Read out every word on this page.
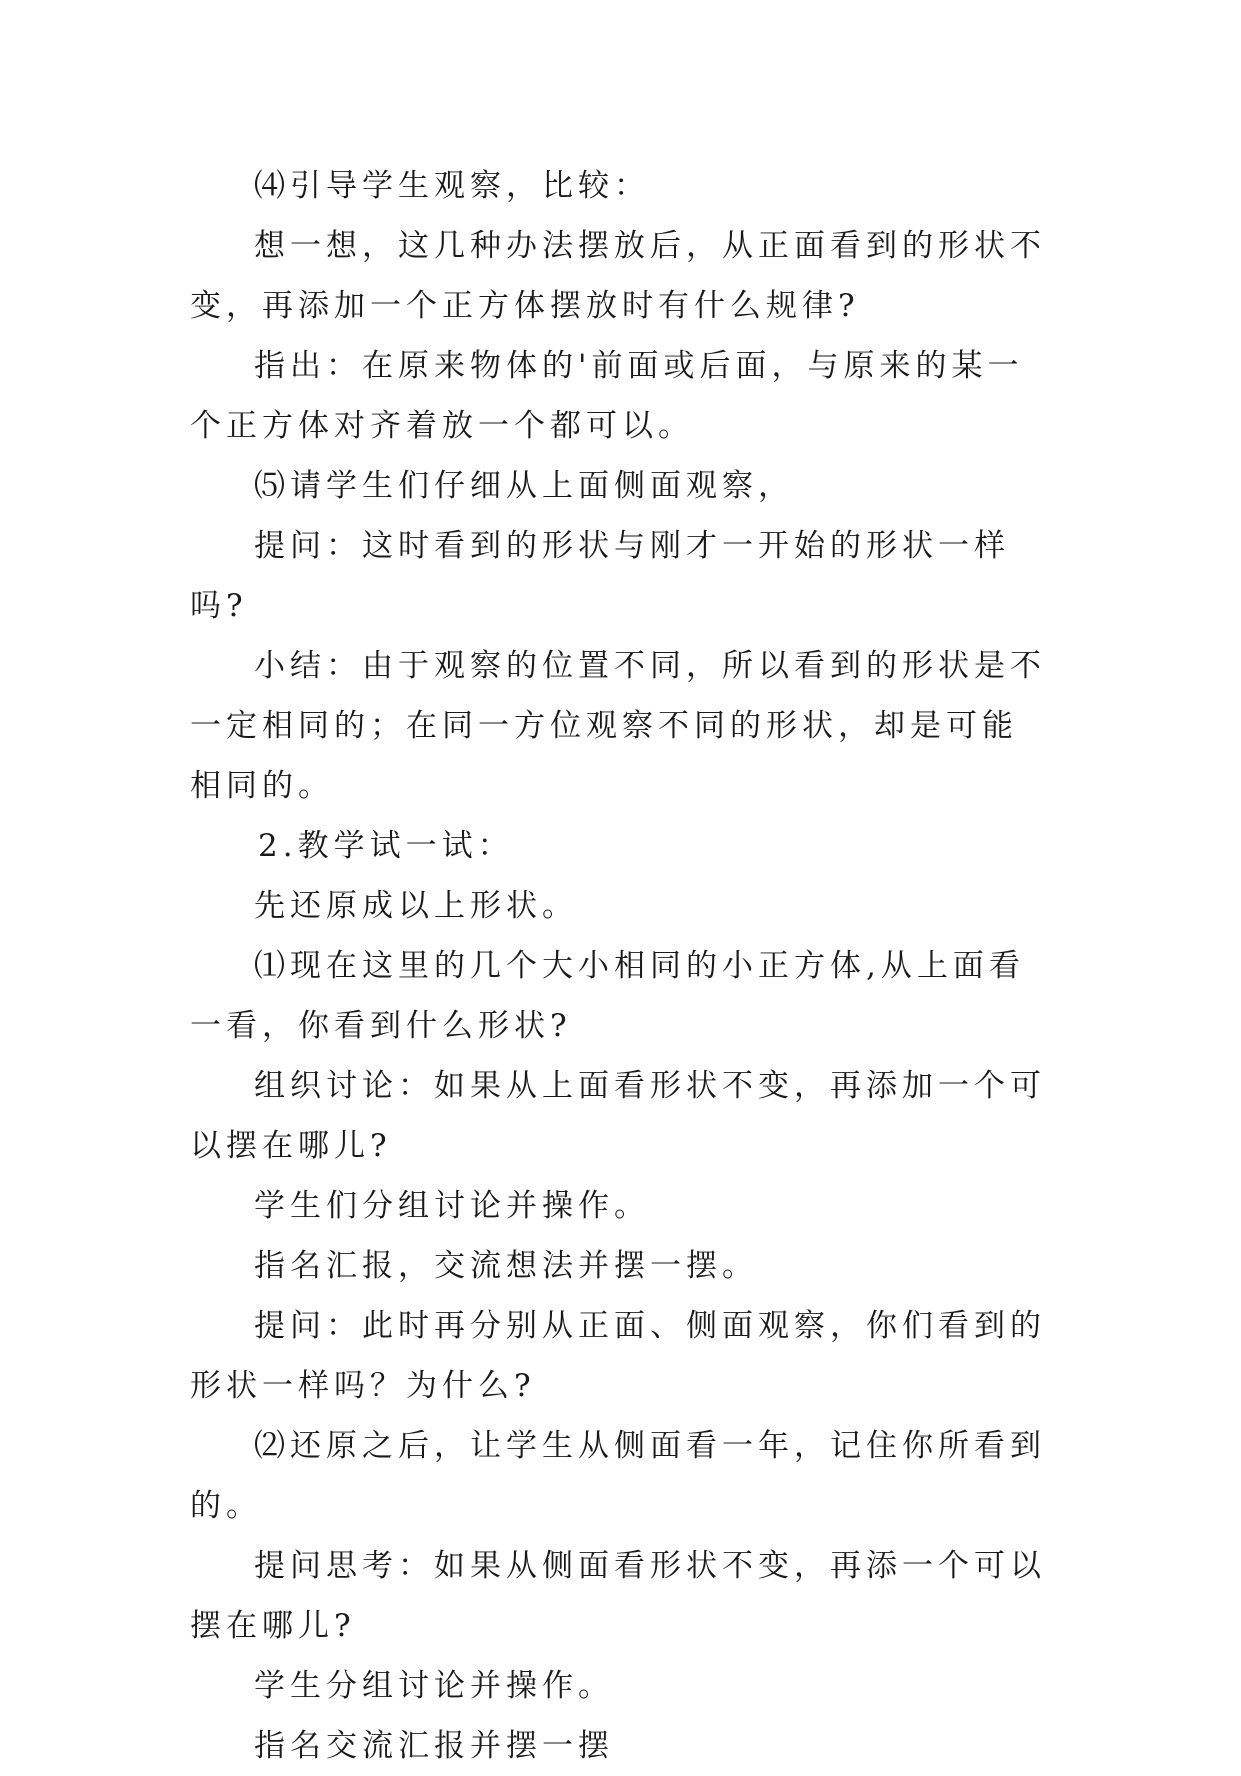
⑷引导学生观察，比较：

想一想，这几种办法摆放后，从正面看到的形状不变，再添加一个正方体摆放时有什么规律?

指出：在原来物体的'前面或后面，与原来的某一个正方体对齐着放一个都可以。

⑸请学生们仔细从上面侧面观察，

提问：这时看到的形状与刚才一开始的形状一样吗?

小结：由于观察的位置不同，所以看到的形状是不一定相同的；在同一方位观察不同的形状，却是可能相同的。

2.教学试一试：

先还原成以上形状。

⑴现在这里的几个大小相同的小正方体,从上面看一看，你看到什么形状?

组织讨论：如果从上面看形状不变，再添加一个可以摆在哪儿?

学生们分组讨论并操作。

指名汇报，交流想法并摆一摆。

提问：此时再分别从正面、侧面观察，你们看到的形状一样吗？为什么?

⑵还原之后，让学生从侧面看一年，记住你所看到的。

提问思考：如果从侧面看形状不变，再添一个可以摆在哪儿?

学生分组讨论并操作。

指名交流汇报并摆一摆
